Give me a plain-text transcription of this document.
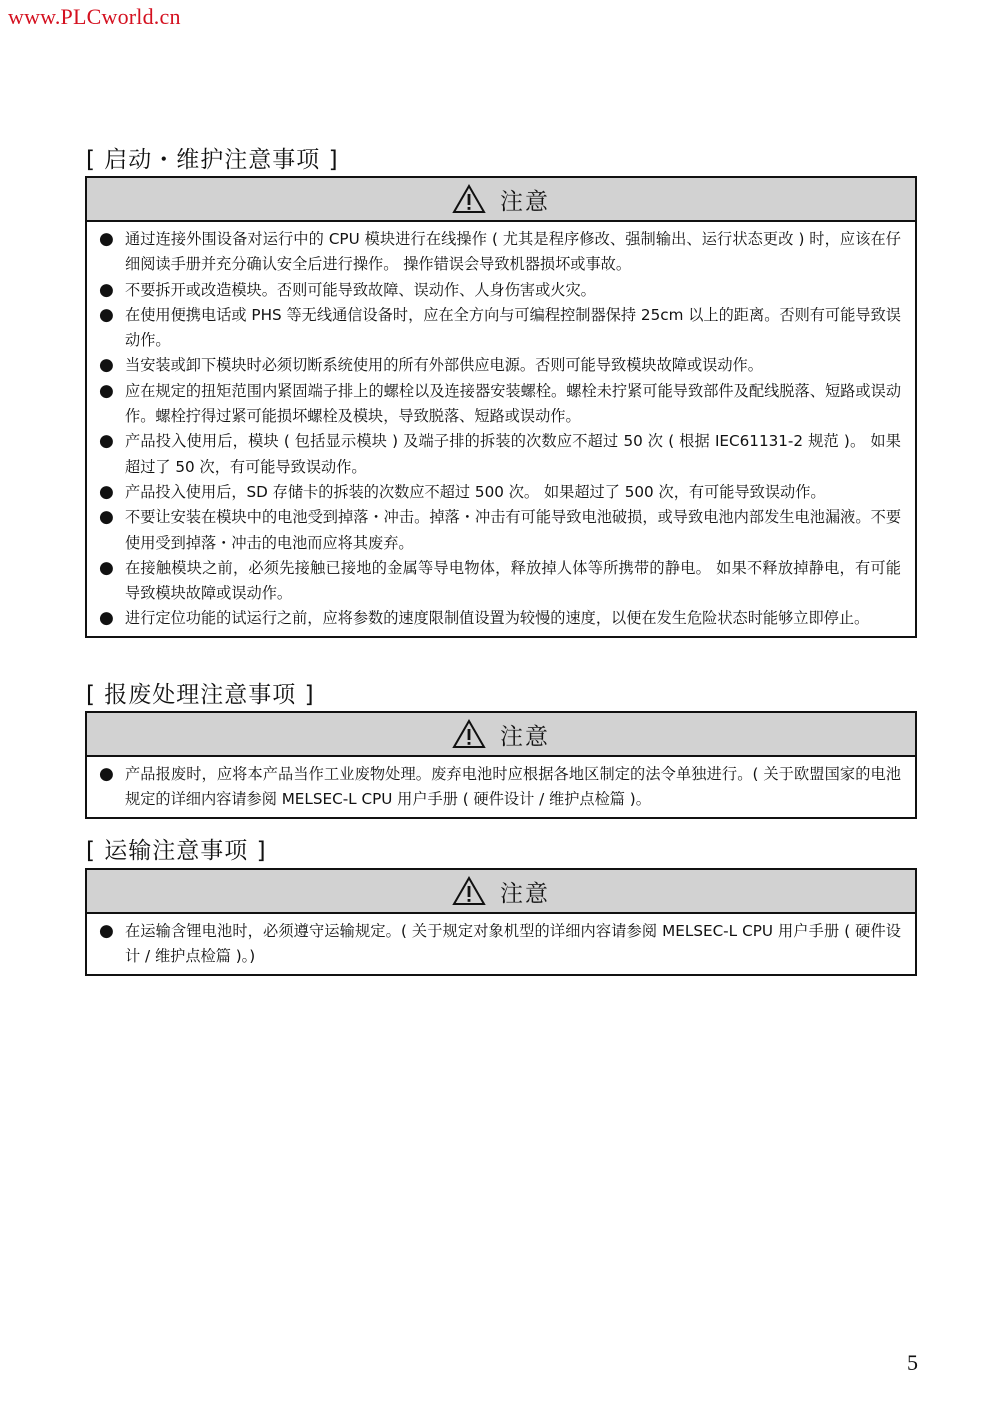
www.PLCworld.cn
[ 启动・维护注意事项 ]
注意
● 通过连接外围设备对运行中的 CPU 模块进行在线操作 ( 尤其是程序修改、强制输出、运行状态更改 ) 时，应该在仔细阅读手册并充分确认安全后进行操作。 操作错误会导致机器损坏或事故。
● 不要拆开或改造模块。否则可能导致故障、误动作、人身伤害或火灾。
● 在使用便携电话或 PHS 等无线通信设备时，应在全方向与可编程控制器保持 25cm 以上的距离。否则有可能导致误动作。
● 当安装或卸下模块时必须切断系统使用的所有外部供应电源。否则可能导致模块故障或误动作。
● 应在规定的扭矩范围内紧固端子排上的螺栓以及连接器安装螺栓。螺栓未拧紧可能导致部件及配线脱落、短路或误动作。螺栓拧得过紧可能损坏螺栓及模块，导致脱落、短路或误动作。
● 产品投入使用后，模块 ( 包括显示模块 ) 及端子排的拆装的次数应不超过 50 次 ( 根据 IEC61131-2 规范 )。 如果超过了 50 次，有可能导致误动作。
● 产品投入使用后，SD 存储卡的拆装的次数应不超过 500 次。 如果超过了 500 次，有可能导致误动作。
● 不要让安装在模块中的电池受到掉落・冲击。掉落・冲击有可能导致电池破损，或导致电池内部发生电池漏液。不要使用受到掉落・冲击的电池而应将其废弃。
● 在接触模块之前，必须先接触已接地的金属等导电物体，释放掉人体等所携带的静电。 如果不释放掉静电，有可能导致模块故障或误动作。
● 进行定位功能的试运行之前，应将参数的速度限制值设置为较慢的速度，以便在发生危险状态时能够立即停止。
[ 报废处理注意事项 ]
注意
● 产品报废时，应将本产品当作工业废物处理。废弃电池时应根据各地区制定的法令单独进行。( 关于欧盟国家的电池规定的详细内容请参阅 MELSEC-L CPU 用户手册 ( 硬件设计 / 维护点检篇 )。
[ 运输注意事项 ]
注意
● 在运输含锂电池时，必须遵守运输规定。( 关于规定对象机型的详细内容请参阅 MELSEC-L CPU 用户手册 ( 硬件设计 / 维护点检篇 )。)
5
